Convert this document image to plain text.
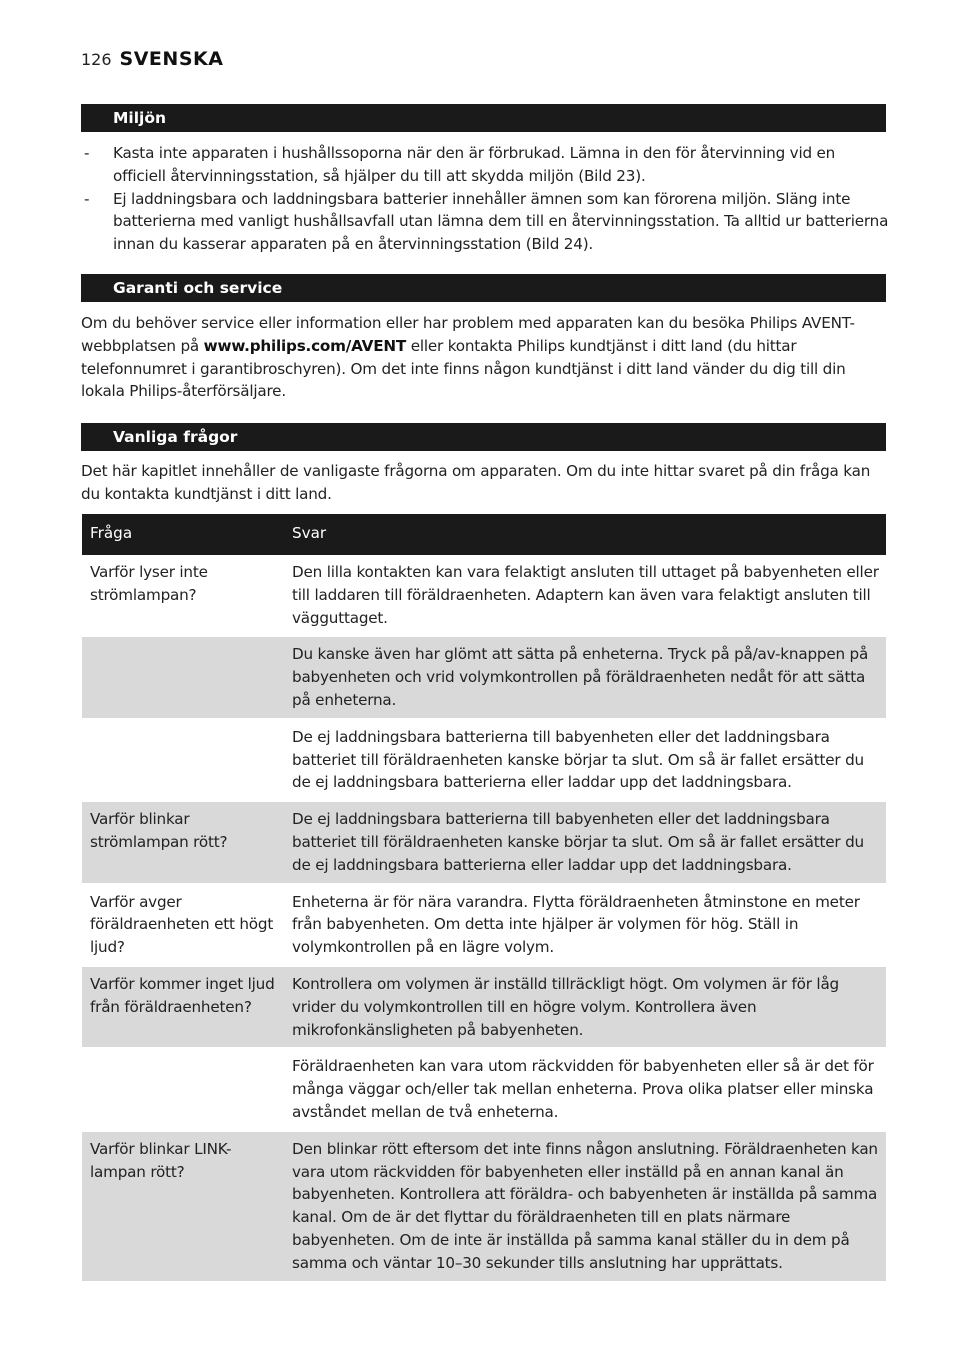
126 SVENSKA
Miljön
- Kasta inte apparaten i hushållssoporna när den är förbrukad. Lämna in den för återvinning vid en officiell återvinningsstation, så hjälper du till att skydda miljön (Bild 23).
- Ej laddningsbara och laddningsbara batterier innehåller ämnen som kan förorena miljön. Släng inte batterierna med vanligt hushållsavfall utan lämna dem till en återvinningsstation. Ta alltid ur batterierna innan du kasserar apparaten på en återvinningsstation (Bild 24).
Garanti och service

Om du behöver service eller information eller har problem med apparaten kan du besöka Philips AVENT-webbplatsen på www.philips.com/AVENT eller kontakta Philips kundtjänst i ditt land (du hittar telefonnumret i garantibroschyren). Om det inte finns någon kundtjänst i ditt land vänder du dig till din lokala Philips-återförsäljare.

Vanliga frågor

Det här kapitlet innehåller de vanligaste frågorna om apparaten. Om du inte hittar svaret på din fråga kan du kontakta kundtjänst i ditt land.

Fråga	Svar
Varför lyser inte strömlampan?	Den lilla kontakten kan vara felaktigt ansluten till uttaget på babyenheten eller till laddaren till föräldraenheten. Adaptern kan även vara felaktigt ansluten till vägguttaget.
	Du kanske även har glömt att sätta på enheterna. Tryck på på/av-knappen på babyenheten och vrid volymkontrollen på föräldraenheten nedåt för att sätta på enheterna.
	De ej laddningsbara batterierna till babyenheten eller det laddningsbara batteriet till föräldraenheten kanske börjar ta slut. Om så är fallet ersätter du de ej laddningsbara batterierna eller laddar upp det laddningsbara.
Varför blinkar strömlampan rött?	De ej laddningsbara batterierna till babyenheten eller det laddningsbara batteriet till föräldraenheten kanske börjar ta slut. Om så är fallet ersätter du de ej laddningsbara batterierna eller laddar upp det laddningsbara.
Varför avger föräldraenheten ett högt ljud?	Enheterna är för nära varandra. Flytta föräldraenheten åtminstone en meter från babyenheten. Om detta inte hjälper är volymen för hög. Ställ in volymkontrollen på en lägre volym.
Varför kommer inget ljud från föräldraenheten?	Kontrollera om volymen är inställd tillräckligt högt. Om volymen är för låg vrider du volymkontrollen till en högre volym. Kontrollera även mikrofonkänsligheten på babyenheten.
	Föräldraenheten kan vara utom räckvidden för babyenheten eller så är det för många väggar och/eller tak mellan enheterna. Prova olika platser eller minska avståndet mellan de två enheterna.
Varför blinkar LINK-lampan rött?	Den blinkar rött eftersom det inte finns någon anslutning. Föräldraenheten kan vara utom räckvidden för babyenheten eller inställd på en annan kanal än babyenheten. Kontrollera att föräldra- och babyenheten är inställda på samma kanal. Om de är det flyttar du föräldraenheten till en plats närmare babyenheten. Om de inte är inställda på samma kanal ställer du in dem på samma och väntar 10–30 sekunder tills anslutning har upprättats.
